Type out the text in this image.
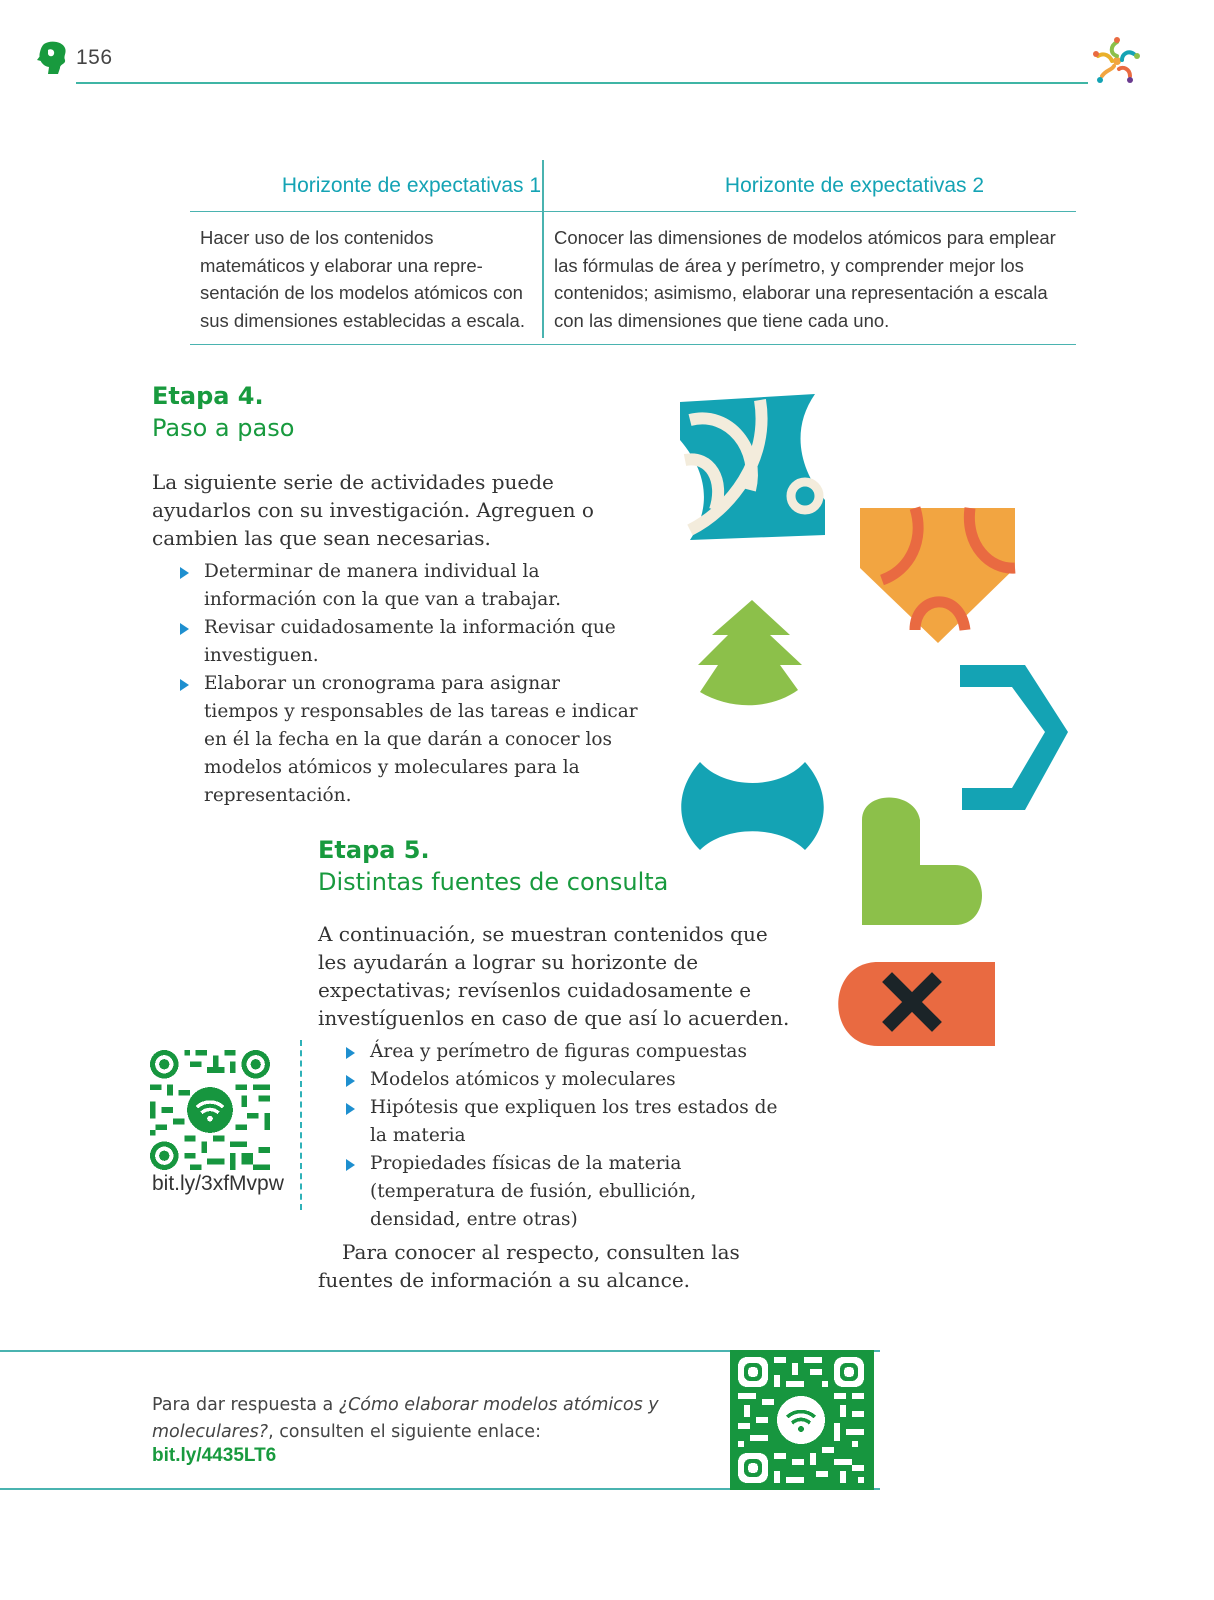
156
Horizonte de expectativas 1	Horizonte de expectativas 2
Hacer uso de los contenidos matemáticos y elaborar una repre-sentación de los modelos atómicos con sus dimensiones establecidas a escala.
Conocer las dimensiones de modelos atómicos para emplear las fórmulas de área y perímetro, y comprender mejor los contenidos; asimismo, elaborar una representación a escala con las dimensiones que tiene cada uno.
Etapa 4.
Paso a paso
La siguiente serie de actividades puede ayudarlos con su investigación. Agreguen o cambien las que sean necesarias.
Determinar de manera individual la información con la que van a trabajar.
Revisar cuidadosamente la información que investiguen.
Elaborar un cronograma para asignar tiempos y responsables de las tareas e indicar en él la fecha en la que darán a conocer los modelos atómicos y moleculares para la representación.
Etapa 5.
Distintas fuentes de consulta
A continuación, se muestran contenidos que les ayudarán a lograr su horizonte de expectativas; revísenlos cuidadosamente e investíguenlos en caso de que así lo acuerden.
Área y perímetro de figuras compuestas
Modelos atómicos y moleculares
Hipótesis que expliquen los tres estados de la materia
Propiedades físicas de la materia (temperatura de fusión, ebullición, densidad, entre otras)
Para conocer al respecto, consulten las fuentes de información a su alcance.
bit.ly/3xfMvpw
Para dar respuesta a ¿Cómo elaborar modelos atómicos y moleculares?, consulten el siguiente enlace:
bit.ly/4435LT6
